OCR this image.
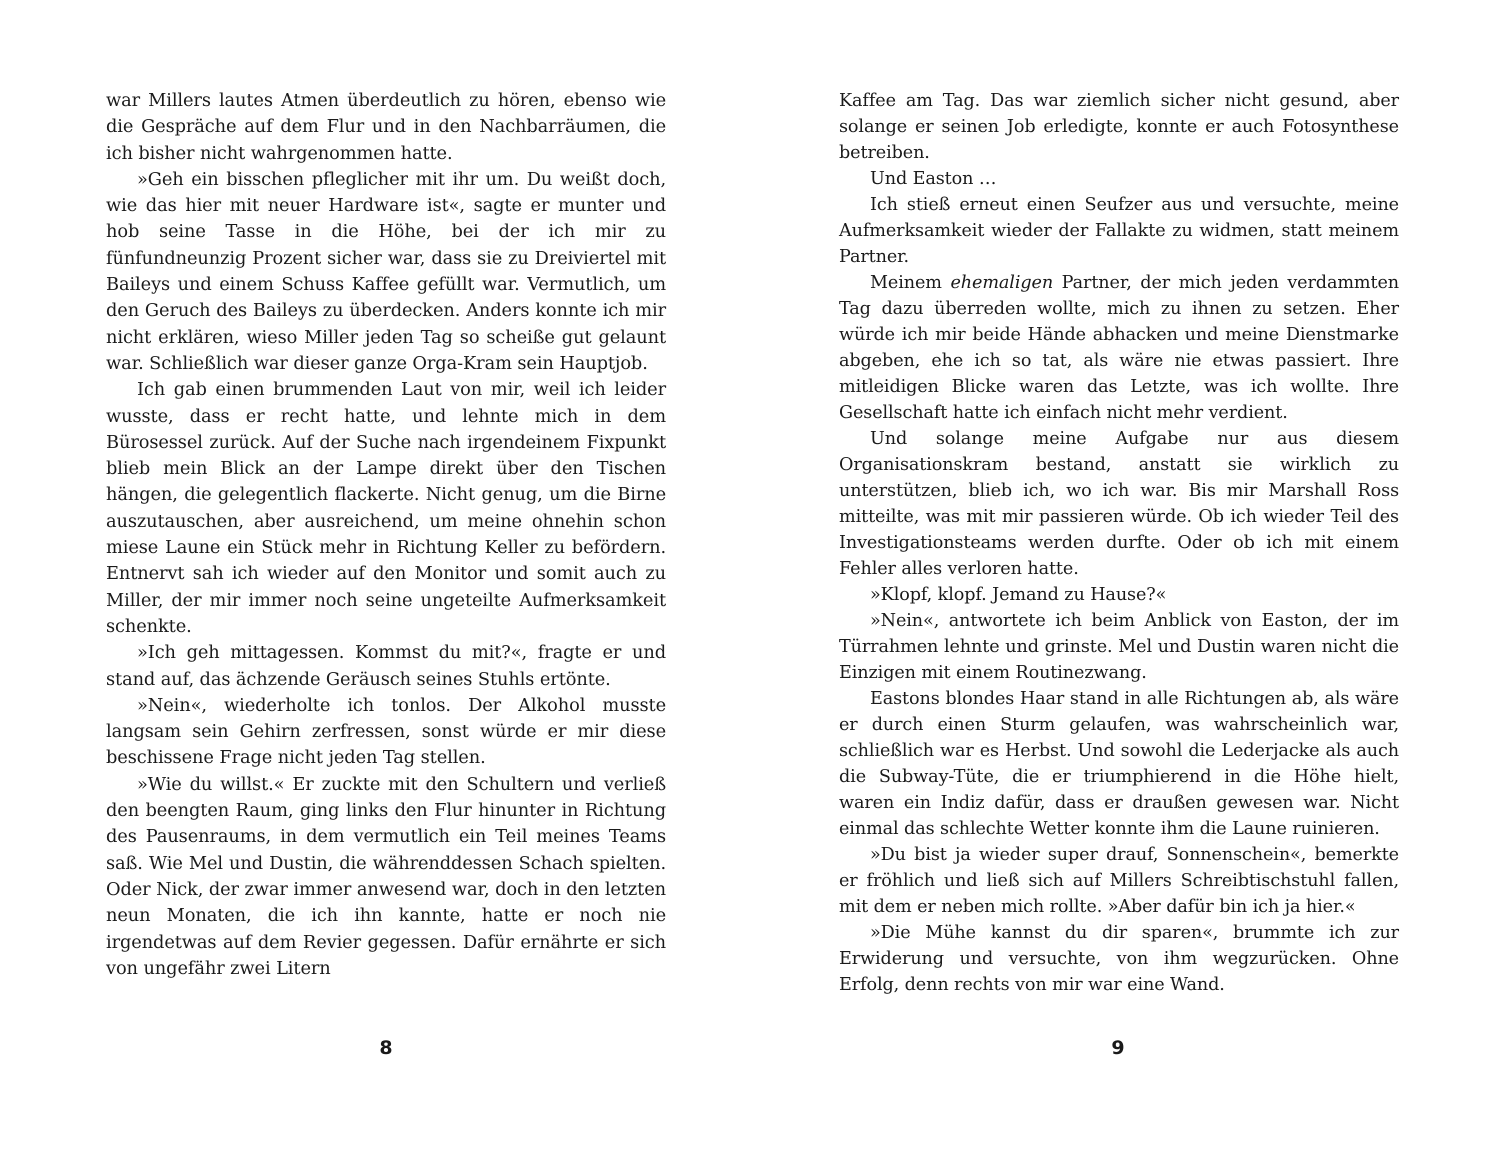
war Millers lautes Atmen überdeutlich zu hören, ebenso wie die Gespräche auf dem Flur und in den Nachbarräumen, die ich bisher nicht wahrgenommen hatte.

»Geh ein bisschen pfleglicher mit ihr um. Du weißt doch, wie das hier mit neuer Hardware ist«, sagte er munter und hob seine Tasse in die Höhe, bei der ich mir zu fünfundneunzig Prozent sicher war, dass sie zu Dreiviertel mit Baileys und einem Schuss Kaffee gefüllt war. Vermutlich, um den Geruch des Baileys zu überdecken. Anders konnte ich mir nicht erklären, wieso Miller jeden Tag so scheiße gut gelaunt war. Schließlich war dieser ganze Orga-Kram sein Hauptjob.

Ich gab einen brummenden Laut von mir, weil ich leider wusste, dass er recht hatte, und lehnte mich in dem Bürosessel zurück. Auf der Suche nach irgendeinem Fixpunkt blieb mein Blick an der Lampe direkt über den Tischen hängen, die gelegentlich flackerte. Nicht genug, um die Birne auszutauschen, aber ausreichend, um meine ohnehin schon miese Laune ein Stück mehr in Richtung Keller zu befördern. Entnervt sah ich wieder auf den Monitor und somit auch zu Miller, der mir immer noch seine ungeteilte Aufmerksamkeit schenkte.

»Ich geh mittagessen. Kommst du mit?«, fragte er und stand auf, das ächzende Geräusch seines Stuhls ertönte.

»Nein«, wiederholte ich tonlos. Der Alkohol musste langsam sein Gehirn zerfressen, sonst würde er mir diese beschissene Frage nicht jeden Tag stellen.

»Wie du willst.« Er zuckte mit den Schultern und verließ den beengten Raum, ging links den Flur hinunter in Richtung des Pausenraums, in dem vermutlich ein Teil meines Teams saß. Wie Mel und Dustin, die währenddessen Schach spielten. Oder Nick, der zwar immer anwesend war, doch in den letzten neun Monaten, die ich ihn kannte, hatte er noch nie irgendetwas auf dem Revier gegessen. Dafür ernährte er sich von ungefähr zwei Litern

Kaffee am Tag. Das war ziemlich sicher nicht gesund, aber solange er seinen Job erledigte, konnte er auch Fotosynthese betreiben.

Und Easton …

Ich stieß erneut einen Seufzer aus und versuchte, meine Aufmerksamkeit wieder der Fallakte zu widmen, statt meinem Partner.

Meinem ehemaligen Partner, der mich jeden verdammten Tag dazu überreden wollte, mich zu ihnen zu setzen. Eher würde ich mir beide Hände abhacken und meine Dienstmarke abgeben, ehe ich so tat, als wäre nie etwas passiert. Ihre mitleidigen Blicke waren das Letzte, was ich wollte. Ihre Gesellschaft hatte ich einfach nicht mehr verdient.

Und solange meine Aufgabe nur aus diesem Organisationskram bestand, anstatt sie wirklich zu unterstützen, blieb ich, wo ich war. Bis mir Marshall Ross mitteilte, was mit mir passieren würde. Ob ich wieder Teil des Investigationsteams werden durfte. Oder ob ich mit einem Fehler alles verloren hatte.

»Klopf, klopf. Jemand zu Hause?«

»Nein«, antwortete ich beim Anblick von Easton, der im Türrahmen lehnte und grinste. Mel und Dustin waren nicht die Einzigen mit einem Routinezwang.

Eastons blondes Haar stand in alle Richtungen ab, als wäre er durch einen Sturm gelaufen, was wahrscheinlich war, schließlich war es Herbst. Und sowohl die Lederjacke als auch die Subway-Tüte, die er triumphierend in die Höhe hielt, waren ein Indiz dafür, dass er draußen gewesen war. Nicht einmal das schlechte Wetter konnte ihm die Laune ruinieren.

»Du bist ja wieder super drauf, Sonnenschein«, bemerkte er fröhlich und ließ sich auf Millers Schreibtischstuhl fallen, mit dem er neben mich rollte. »Aber dafür bin ich ja hier.«

»Die Mühe kannst du dir sparen«, brummte ich zur Erwiderung und versuchte, von ihm wegzurücken. Ohne Erfolg, denn rechts von mir war eine Wand.

8	9
